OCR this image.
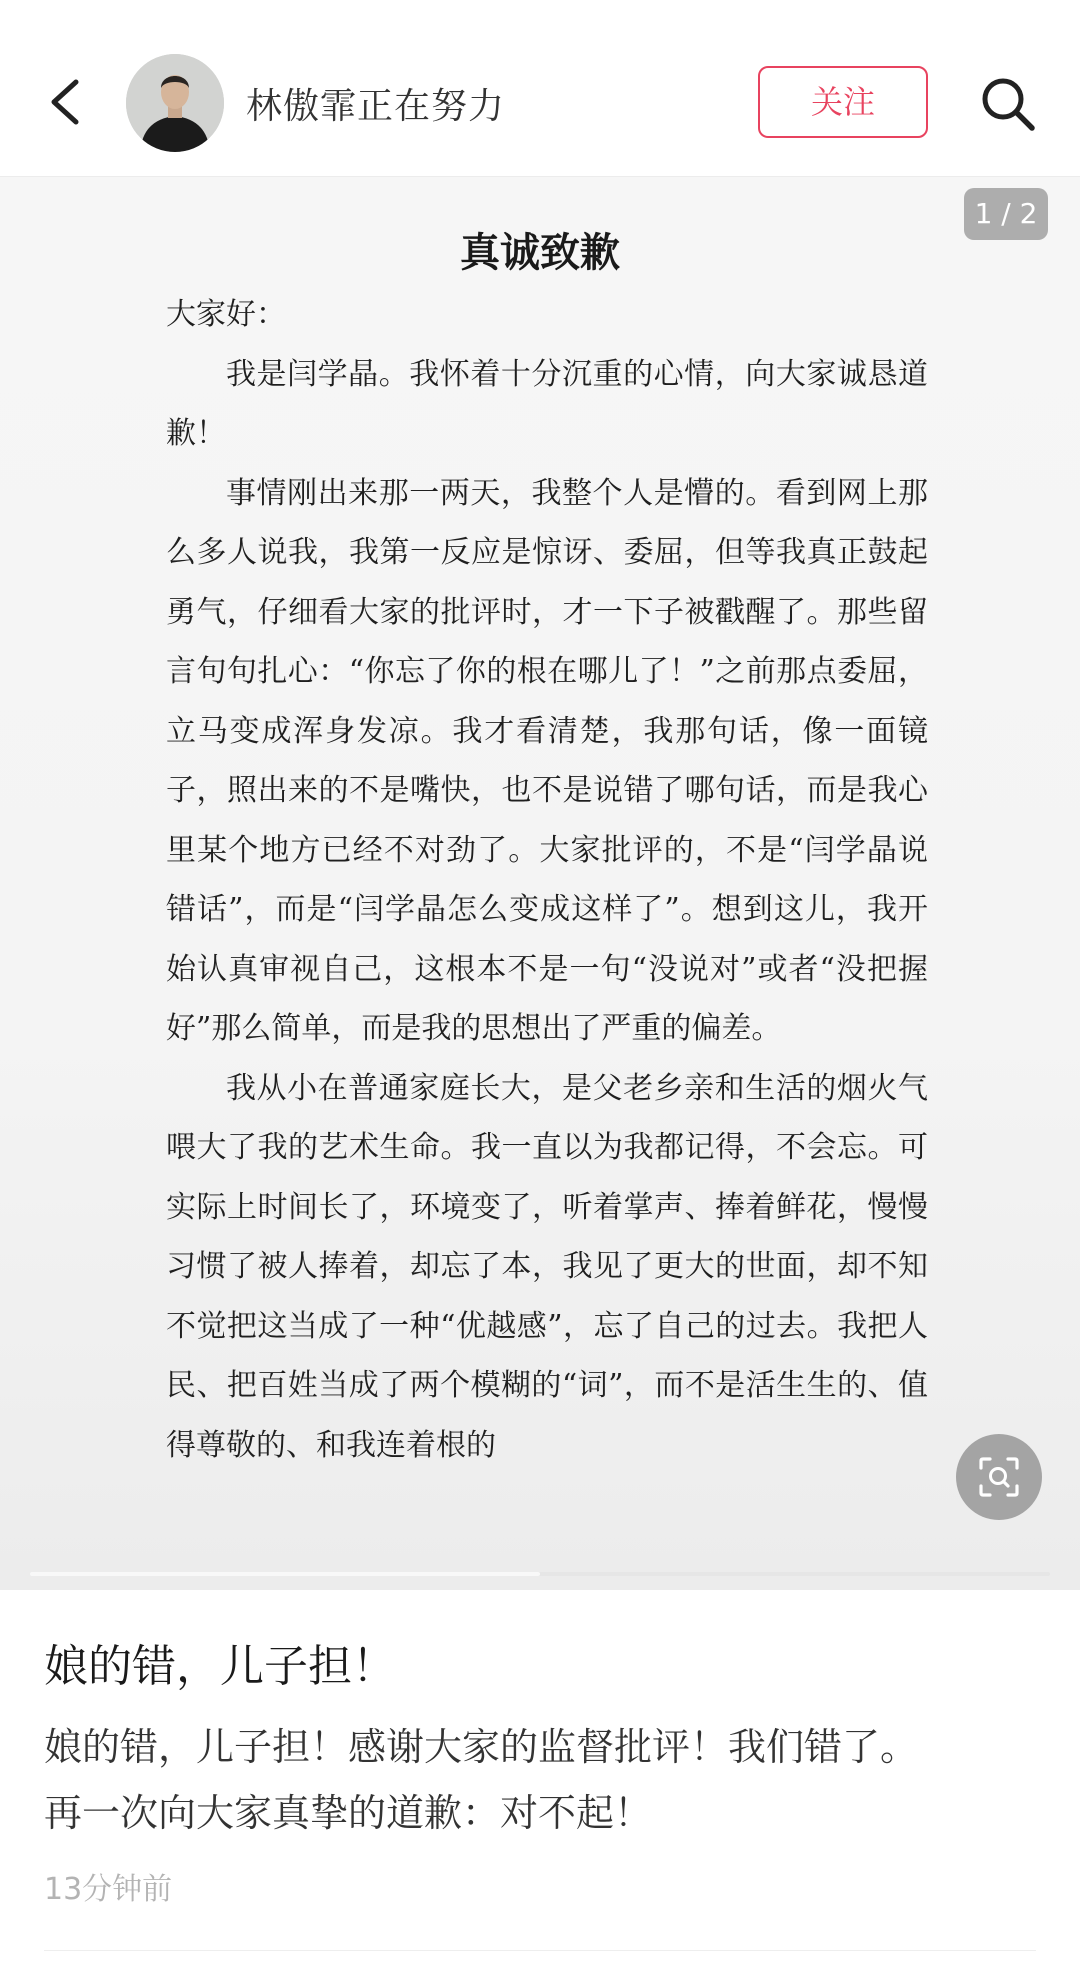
林傲霏正在努力	关注
真诚致歉

大家好：

我是闫学晶。我怀着十分沉重的心情，向大家诚恳道歉！

事情刚出来那一两天，我整个人是懵的。看到网上那么多人说我，我第一反应是惊讶、委屈，但等我真正鼓起勇气，仔细看大家的批评时，才一下子被戳醒了。那些留言句句扎心：“你忘了你的根在哪儿了！”之前那点委屈，立马变成浑身发凉。我才看清楚，我那句话，像一面镜子，照出来的不是嘴快，也不是说错了哪句话，而是我心里某个地方已经不对劲了。大家批评的，不是“闫学晶说错话”，而是“闫学晶怎么变成这样了”。想到这儿，我开始认真审视自己，这根本不是一句“没说对”或者“没把握好”那么简单，而是我的思想出了严重的偏差。

我从小在普通家庭长大，是父老乡亲和生活的烟火气喂大了我的艺术生命。我一直以为我都记得，不会忘。可实际上时间长了，环境变了，听着掌声、捧着鲜花，慢慢习惯了被人捧着，却忘了本，我见了更大的世面，却不知不觉把这当成了一种“优越感”，忘了自己的过去。我把人民、把百姓当成了两个模糊的“词”，而不是活生生的、值得尊敬的、和我连着根的

1 / 2
娘的错，儿子担！
娘的错，儿子担！感谢大家的监督批评！我们错了。
再一次向大家真挚的道歉：对不起！
13分钟前
